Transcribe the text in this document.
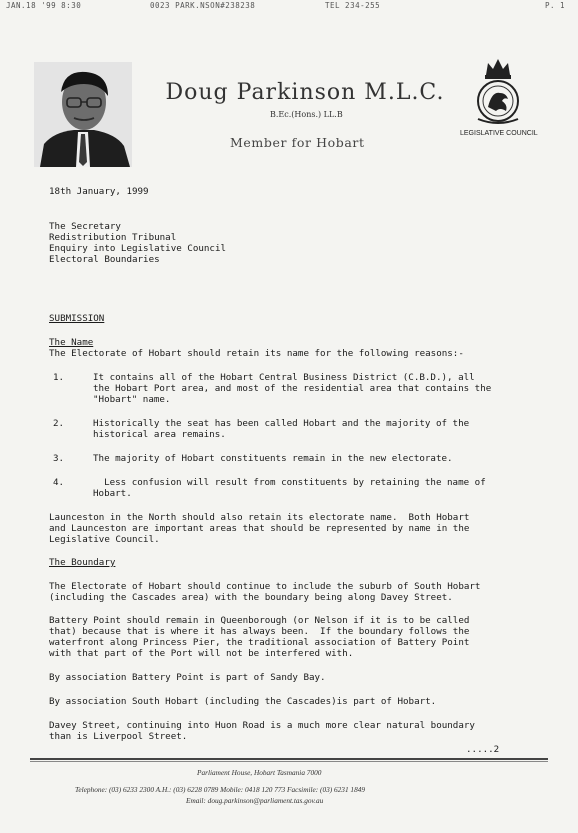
JAN.18 '99 8:30	0023 PARK.NSON#238238	TEL 234-255	P. 1
Doug Parkinson M.L.C.
B.Ec.(Hons.) LL.B
Member for Hobart
LEGISLATIVE COUNCIL
18th January, 1999
The Secretary
Redistribution Tribunal
Enquiry into Legislative Council
Electoral Boundaries
SUBMISSION
The Name
The Electorate of Hobart should retain its name for the following reasons:-
1.	It contains all of the Hobart Central Business District (C.B.D.), all
the Hobart Port area, and most of the residential area that contains the
"Hobart" name.
2.	Historically the seat has been called Hobart and the majority of the
historical area remains.
3.	The majority of Hobart constituents remain in the new electorate.
4.	Less confusion will result from constituents by retaining the name of
Hobart.
Launceston in the North should also retain its electorate name.  Both Hobart
and Launceston are important areas that should be represented by name in the
Legislative Council.
The Boundary
The Electorate of Hobart should continue to include the suburb of South Hobart
(including the Cascades area) with the boundary being along Davey Street.
Battery Point should remain in Queenborough (or Nelson if it is to be called
that) because that is where it has always been.  If the boundary follows the
waterfront along Princess Pier, the traditional association of Battery Point
with that part of the Port will not be interfered with.
By association Battery Point is part of Sandy Bay.
By association South Hobart (including the Cascades)is part of Hobart.
Davey Street, continuing into Huon Road is a much more clear natural boundary
than is Liverpool Street.
.....2
Parliament House, Hobart Tasmania 7000
Telephone: (03) 6233 2300 A.H.: (03) 6228 0789 Mobile: 0418 120 773 Facsimile: (03) 6231 1849
Email: doug.parkinson@parliament.tas.gov.au
